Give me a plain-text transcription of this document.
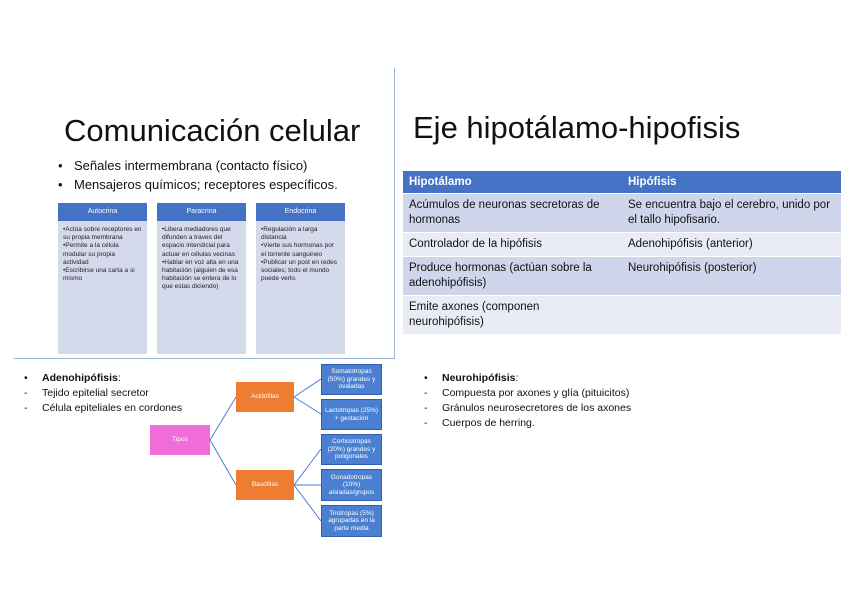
Comunicación celular
• Señales intermembrana (contacto físico)
• Mensajeros químicos; receptores específicos.
Autocrina
•Actúa sobre receptores en su propia membrana
•Permite a la célula modular su propia actividad
•Escribirse una carta a si mismo
Paracrina
•Libera mediadores que difunden a traves del espacio intersticial para actuar en células vecinas
•Hablar en voz alta en una habitación (alguien de esa habitación se entera de lo que estas diciendo)
Endocrina
•Regulación a larga distancia
•Vierte sus hormonas por el torrente sanguineo
•Publicar un post en redes sociales; todo el mundo puede verlo.
Eje hipotálamo-hipofisis
Hipotálamo	Hipófisis
Acúmulos de neuronas secretoras de hormonas	Se encuentra bajo el cerebro, unido por el tallo hipofisario.
Controlador de la hipófisis	Adenohipófisis (anterior)
Produce hormonas (actúan sobre la adenohipófisis)	Neurohipófisis (posterior)
Emite axones (componen neurohipófisis)	
• Adenohipófisis:
- Tejido epitelial secretor
- Célula epiteliales en cordones
• Neurohipófisis:
- Compuesta por axones y glía (pituicitos)
- Gránulos neurosecretores de los axones
- Cuerpos de herring.
Tipos
Acidófilas
Basófilas
Somatotropas (50%) grandes y ovaladas
Lactotropas (25%) + gestación
Corticotropas (20%) grandes y poligonales
Gonadotropas (10%) aisladas/grupos
Tirotropas (5%) agrupadas en la parte media
